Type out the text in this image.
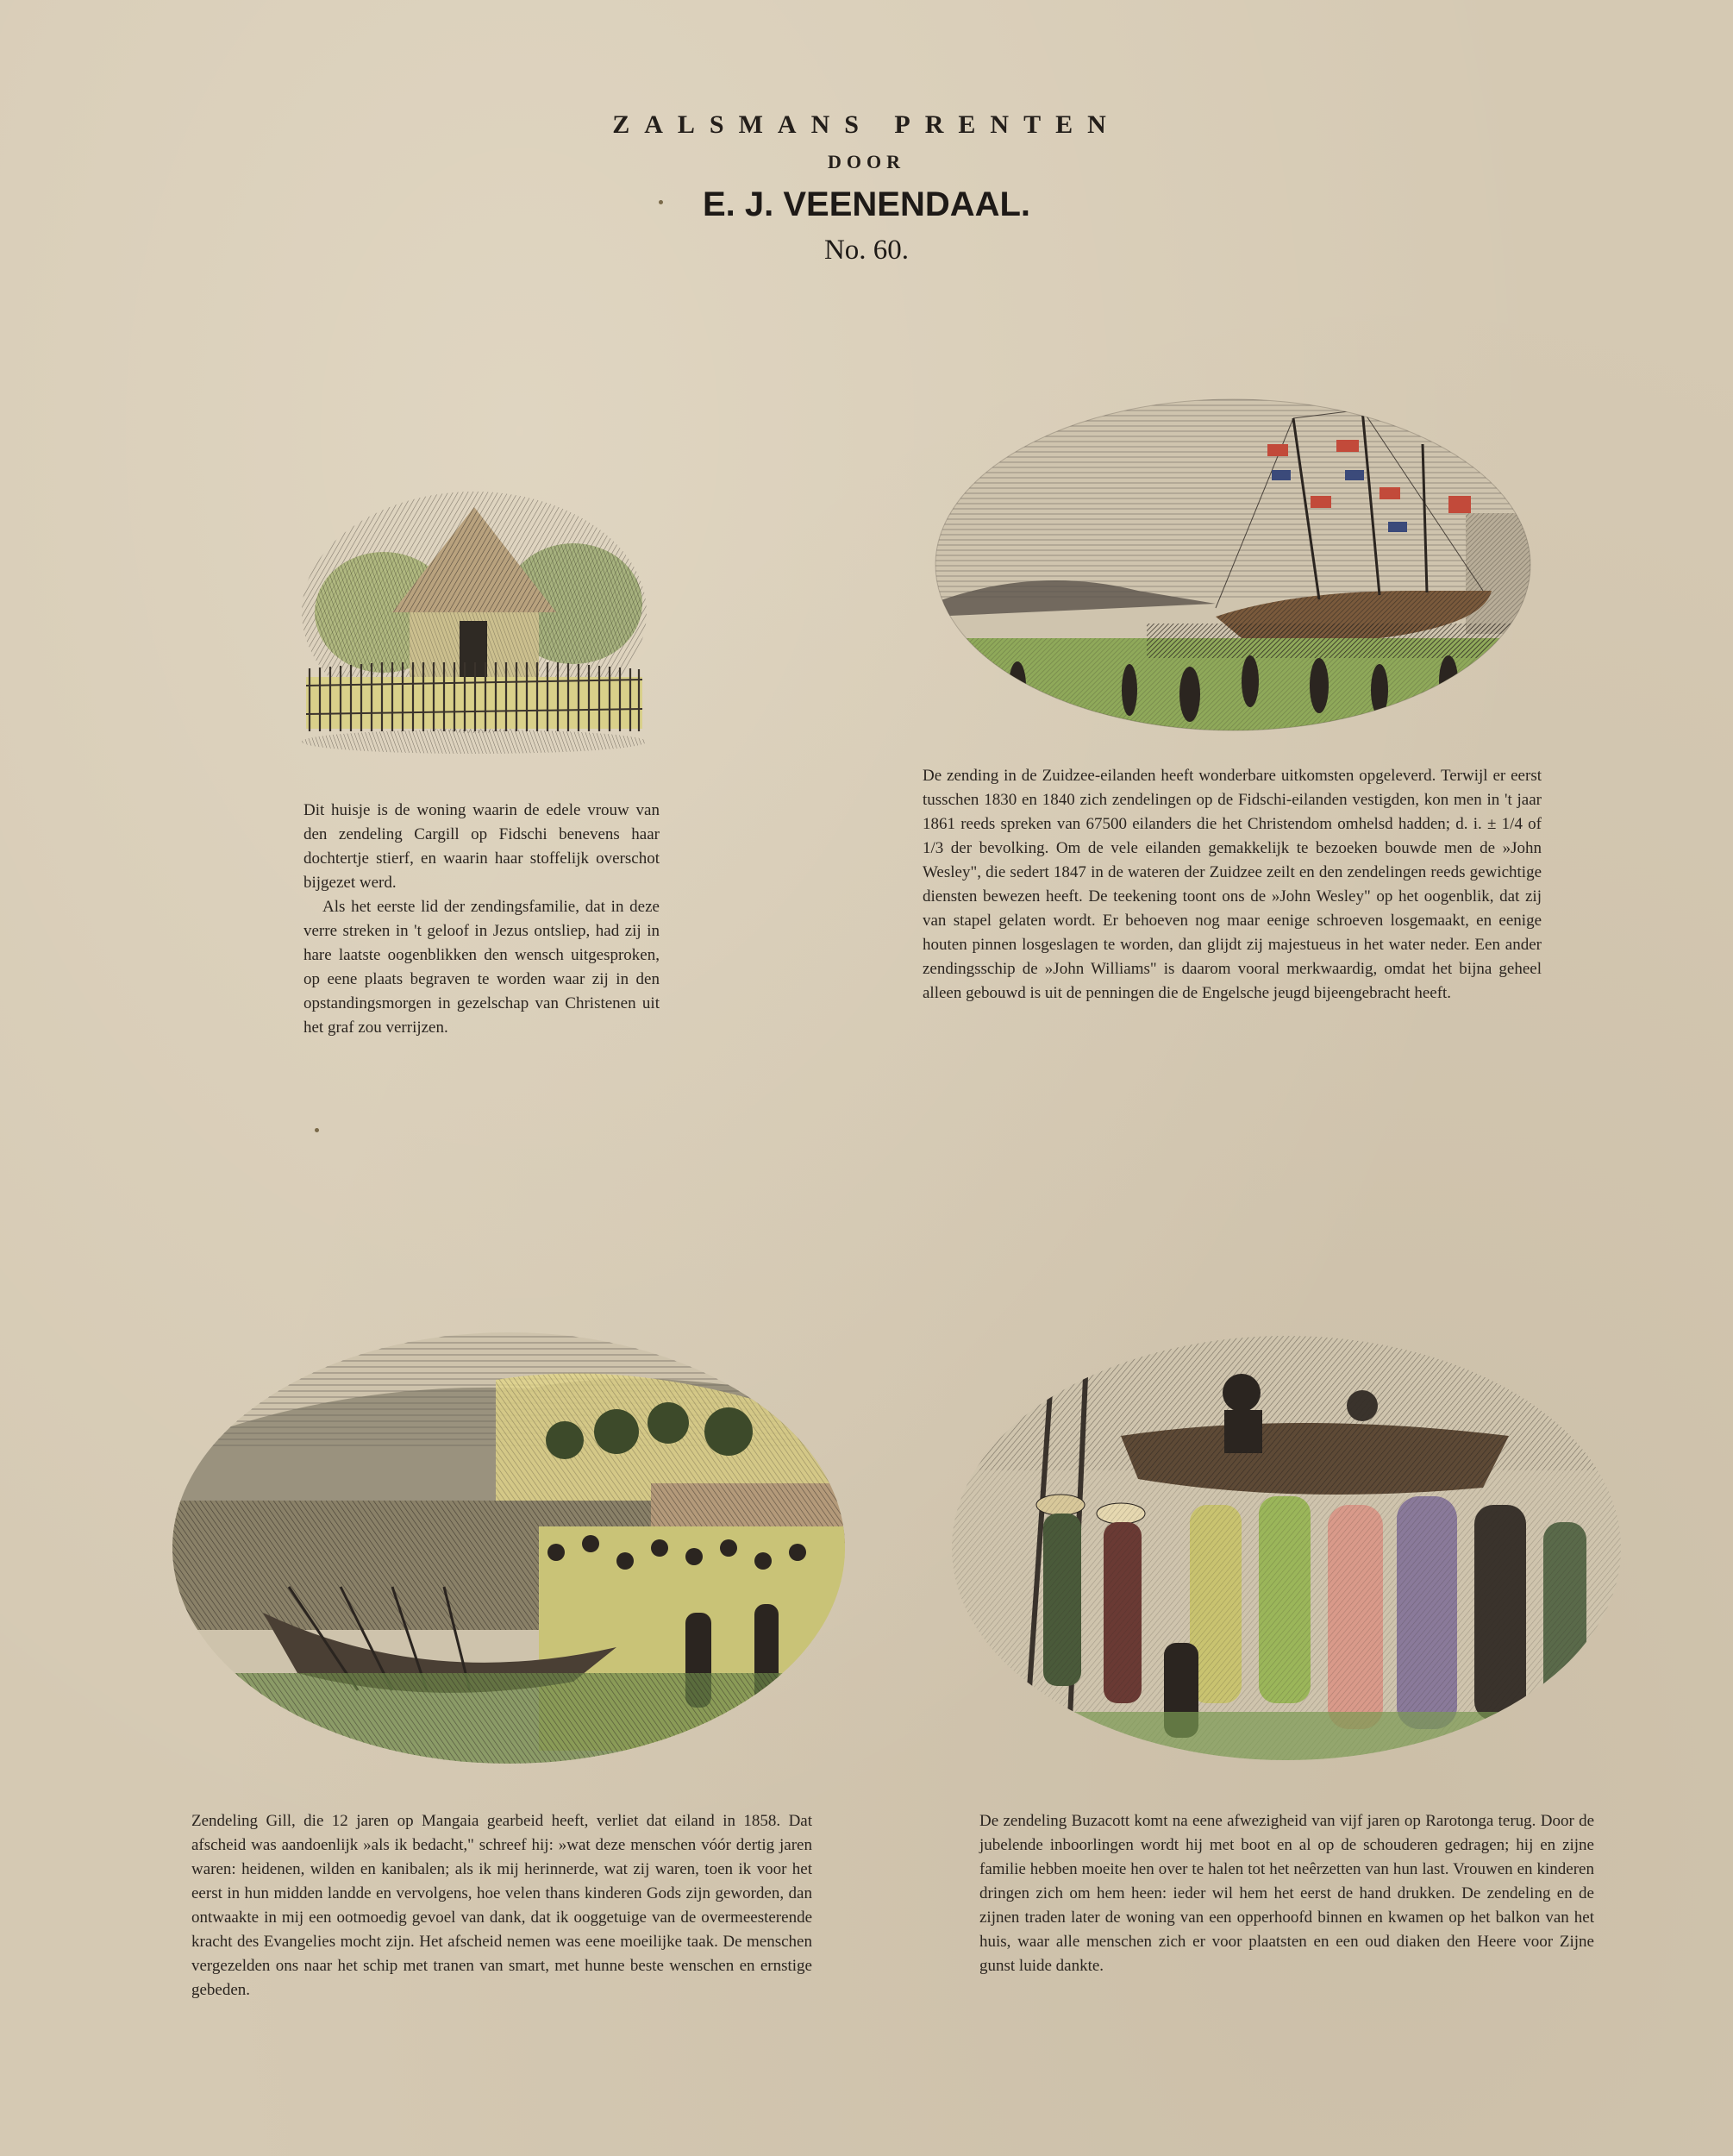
ZALSMANS PRENTEN
DOOR
E. J. VEENENDAAL.
No. 60.

Dit huisje is de woning waarin de edele vrouw van den zendeling Cargill op Fidschi benevens haar dochtertje stierf, en waarin haar stoffelijk overschot bijgezet werd.

Als het eerste lid der zendingsfamilie, dat in deze verre streken in 't geloof in Jezus ontsliep, had zij in hare laatste oogenblikken den wensch uitgesproken, op eene plaats begraven te worden waar zij in den opstandingsmorgen in gezelschap van Christenen uit het graf zou verrijzen.

De zending in de Zuidzee-eilanden heeft wonderbare uitkomsten opgeleverd. Terwijl er eerst tusschen 1830 en 1840 zich zendelingen op de Fidschi-eilanden vestigden, kon men in 't jaar 1861 reeds spreken van 67500 eilanders die het Christendom omhelsd hadden; d. i. ± 1/4 of 1/3 der bevolking. Om de vele eilanden gemakkelijk te bezoeken bouwde men de »John Wesley", die sedert 1847 in de wateren der Zuidzee zeilt en den zendelingen reeds gewichtige diensten bewezen heeft. De teekening toont ons de »John Wesley" op het oogenblik, dat zij van stapel gelaten wordt. Er behoeven nog maar eenige schroeven losgemaakt, en eenige houten pinnen losgeslagen te worden, dan glijdt zij majestueus in het water neder. Een ander zendingsschip de »John Williams" is daarom vooral merkwaardig, omdat het bijna geheel alleen gebouwd is uit de penningen die de Engelsche jeugd bijeengebracht heeft.

Zendeling Gill, die 12 jaren op Mangaia gearbeid heeft, verliet dat eiland in 1858. Dat afscheid was aandoenlijk »als ik bedacht," schreef hij: »wat deze menschen vóór dertig jaren waren: heidenen, wilden en kanibalen; als ik mij herinnerde, wat zij waren, toen ik voor het eerst in hun midden landde en vervolgens, hoe velen thans kinderen Gods zijn geworden, dan ontwaakte in mij een ootmoedig gevoel van dank, dat ik ooggetuige van de overmeesterende kracht des Evangelies mocht zijn. Het afscheid nemen was eene moeilijke taak. De menschen vergezelden ons naar het schip met tranen van smart, met hunne beste wenschen en ernstige gebeden.

De zendeling Buzacott komt na eene afwezigheid van vijf jaren op Rarotonga terug. Door de jubelende inboorlingen wordt hij met boot en al op de schouderen gedragen; hij en zijne familie hebben moeite hen over te halen tot het neêrzetten van hun last. Vrouwen en kinderen dringen zich om hem heen: ieder wil hem het eerst de hand drukken. De zendeling en de zijnen traden later de woning van een opperhoofd binnen en kwamen op het balkon van het huis, waar alle menschen zich er voor plaatsten en een oud diaken den Heere voor Zijne gunst luide dankte.
